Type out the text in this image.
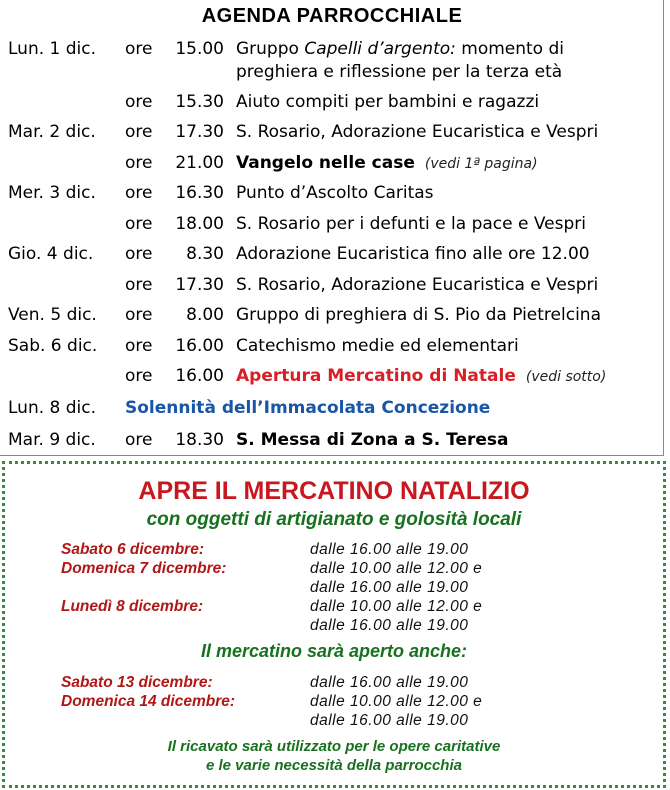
AGENDA PARROCCHIALE
Lun. 1 dic. ore	15.00 Gruppo Capelli d’argento: momento di
preghiera e riflessione per la terza età
ore	15.30 Aiuto compiti per bambini e ragazzi
Mar. 2 dic. ore	17.30 S. Rosario, Adorazione Eucaristica e Vespri
ore	21.00 Vangelo nelle case (vedi 1ª pagina)
Mer. 3 dic. ore	16.30 Punto d’Ascolto Caritas
ore	18.00 S. Rosario per i defunti e la pace e Vespri
Gio. 4 dic. ore	8.30 Adorazione Eucaristica fino alle ore 12.00
ore	17.30 S. Rosario, Adorazione Eucaristica e Vespri
Ven. 5 dic. ore	8.00 Gruppo di preghiera di S. Pio da Pietrelcina
Sab. 6 dic. ore	16.00 Catechismo medie ed elementari
ore	16.00 Apertura Mercatino di Natale (vedi sotto)
Lun. 8 dic. Solennità dell’Immacolata Concezione
Mar. 9 dic. ore	18.30 S. Messa di Zona a S. Teresa
APRE IL MERCATINO NATALIZIO
con oggetti di artigianato e golosità locali
Sabato 6 dicembre:	dalle 16.00 alle 19.00
Domenica 7 dicembre:	dalle 10.00 alle 12.00 e
dalle 16.00 alle 19.00
Lunedì 8 dicembre:	dalle 10.00 alle 12.00 e
dalle 16.00 alle 19.00
Il mercatino sarà aperto anche:
Sabato 13 dicembre:	dalle 16.00 alle 19.00
Domenica 14 dicembre:	dalle 10.00 alle 12.00 e
dalle 16.00 alle 19.00
Il ricavato sarà utilizzato per le opere caritative
e le varie necessità della parrocchia
